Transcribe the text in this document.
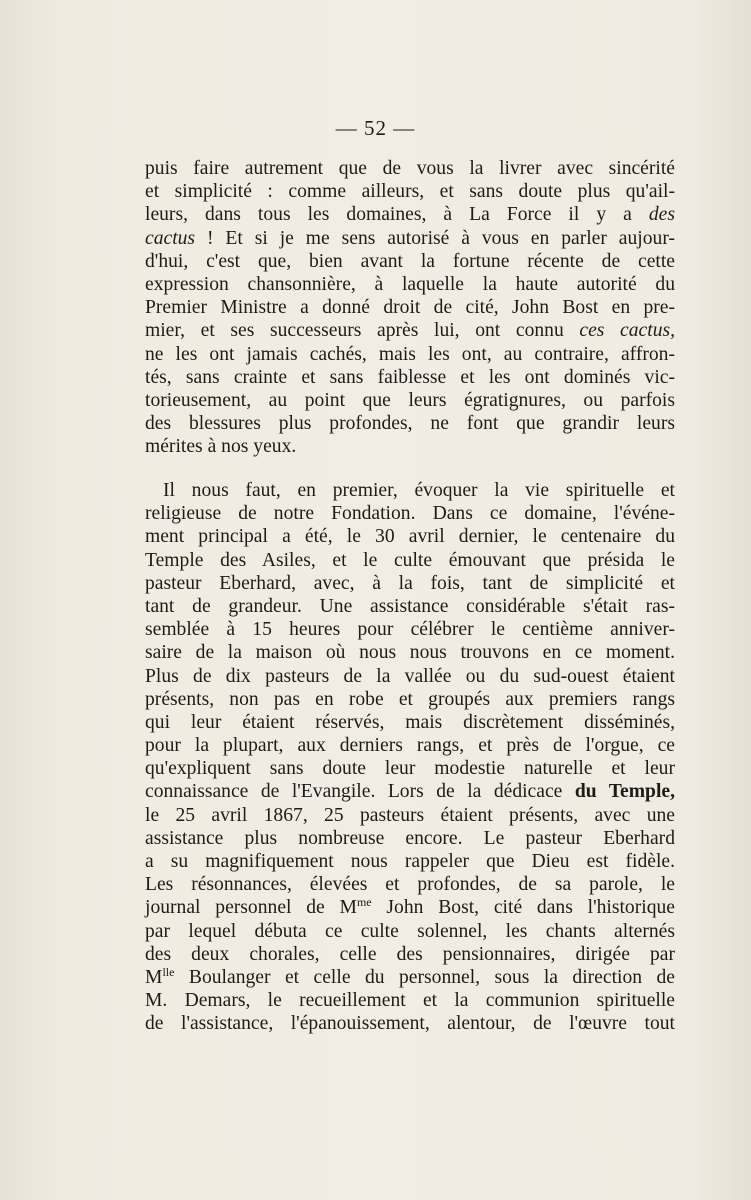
— 52 —
puis faire autrement que de vous la livrer avec sincérité
et simplicité : comme ailleurs, et sans doute plus qu'ail-
leurs, dans tous les domaines, à La Force il y a des
cactus ! Et si je me sens autorisé à vous en parler aujour-
d'hui, c'est que, bien avant la fortune récente de cette
expression chansonnière, à laquelle la haute autorité du
Premier Ministre a donné droit de cité, John Bost en pre-
mier, et ses successeurs après lui, ont connu ces cactus,
ne les ont jamais cachés, mais les ont, au contraire, affron-
tés, sans crainte et sans faiblesse et les ont dominés vic-
torieusement, au point que leurs égratignures, ou parfois
des blessures plus profondes, ne font que grandir leurs
mérites à nos yeux.
Il nous faut, en premier, évoquer la vie spirituelle et
religieuse de notre Fondation. Dans ce domaine, l'événe-
ment principal a été, le 30 avril dernier, le centenaire du
Temple des Asiles, et le culte émouvant que présida le
pasteur Eberhard, avec, à la fois, tant de simplicité et
tant de grandeur. Une assistance considérable s'était ras-
semblée à 15 heures pour célébrer le centième anniver-
saire de la maison où nous nous trouvons en ce moment.
Plus de dix pasteurs de la vallée ou du sud-ouest étaient
présents, non pas en robe et groupés aux premiers rangs
qui leur étaient réservés, mais discrètement disséminés,
pour la plupart, aux derniers rangs, et près de l'orgue, ce
qu'expliquent sans doute leur modestie naturelle et leur
connaissance de l'Evangile. Lors de la dédicace du Temple,
le 25 avril 1867, 25 pasteurs étaient présents, avec une
assistance plus nombreuse encore. Le pasteur Eberhard
a su magnifiquement nous rappeler que Dieu est fidèle.
Les résonnances, élevées et profondes, de sa parole, le
journal personnel de $M^{me}$ John Bost, cité dans l'historique
par lequel débuta ce culte solennel, les chants alternés
des deux chorales, celle des pensionnaires, dirigée par
$M^{lle}$ Boulanger et celle du personnel, sous la direction de
M. Demars, le recueillement et la communion spirituelle
de l'assistance, l'épanouissement, alentour, de l'œuvre tout
